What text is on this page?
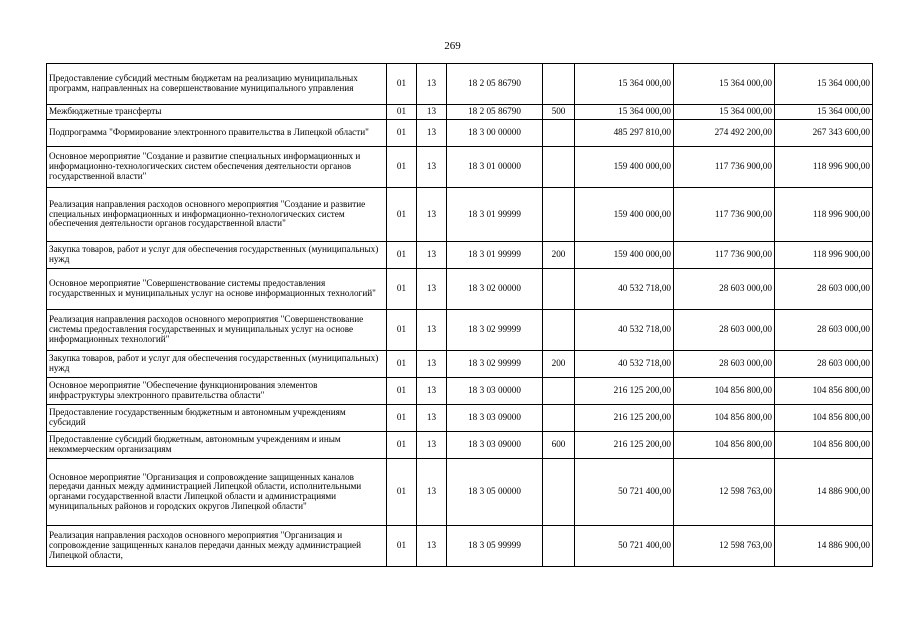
269
Предоставление субсидий местным бюджетам на реализацию муниципальных программ, направленных на совершенствование муниципального управления	01	13	18 2 05 86790		15 364 000,00	15 364 000,00	15 364 000,00
Межбюджетные трансферты	01	13	18 2 05 86790	500	15 364 000,00	15 364 000,00	15 364 000,00
Подпрограмма "Формирование электронного правительства в Липецкой области"	01	13	18 3 00 00000		485 297 810,00	274 492 200,00	267 343 600,00
Основное мероприятие "Создание и развитие специальных информационных и информационно-технологических систем обеспечения деятельности органов государственной власти"	01	13	18 3 01 00000		159 400 000,00	117 736 900,00	118 996 900,00
Реализация направления расходов основного мероприятия "Создание и развитие специальных информационных и информационно-технологических систем обеспечения деятельности органов государственной власти"	01	13	18 3 01 99999		159 400 000,00	117 736 900,00	118 996 900,00
Закупка товаров, работ и услуг для обеспечения государственных (муниципальных) нужд	01	13	18 3 01 99999	200	159 400 000,00	117 736 900,00	118 996 900,00
Основное мероприятие "Совершенствование системы предоставления государственных и муниципальных услуг на основе информационных технологий"	01	13	18 3 02 00000		40 532 718,00	28 603 000,00	28 603 000,00
Реализация направления расходов основного мероприятия "Совершенствование системы предоставления государственных и муниципальных услуг на основе информационных технологий"	01	13	18 3 02 99999		40 532 718,00	28 603 000,00	28 603 000,00
Закупка товаров, работ и услуг для обеспечения государственных (муниципальных) нужд	01	13	18 3 02 99999	200	40 532 718,00	28 603 000,00	28 603 000,00
Основное мероприятие "Обеспечение функционирования элементов инфраструктуры электронного правительства области"	01	13	18 3 03 00000		216 125 200,00	104 856 800,00	104 856 800,00
Предоставление государственным бюджетным и автономным учреждениям субсидий	01	13	18 3 03 09000		216 125 200,00	104 856 800,00	104 856 800,00
Предоставление субсидий бюджетным, автономным учреждениям и иным некоммерческим организациям	01	13	18 3 03 09000	600	216 125 200,00	104 856 800,00	104 856 800,00
Основное мероприятие "Организация и сопровождение защищенных каналов передачи данных между администрацией Липецкой области, исполнительными органами государственной власти Липецкой области и администрациями муниципальных районов и городских округов Липецкой области"	01	13	18 3 05 00000		50 721 400,00	12 598 763,00	14 886 900,00
Реализация направления расходов основного мероприятия "Организация и сопровождение защищенных каналов передачи данных между администрацией Липецкой области,	01	13	18 3 05 99999		50 721 400,00	12 598 763,00	14 886 900,00
